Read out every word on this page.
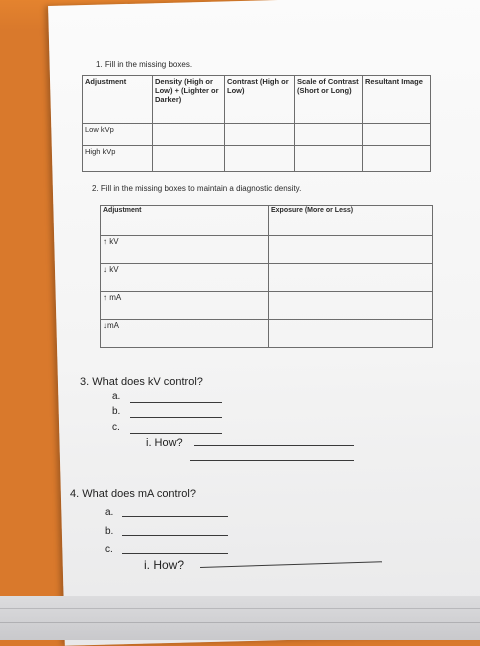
1. Fill in the missing boxes.
Adjustment	Density (High or Low) + (Lighter or Darker)	Contrast (High or Low)	Scale of Contrast (Short or Long)	Resultant Image
Low kVp				
High kVp				
2. Fill in the missing boxes to maintain a diagnostic density.
Adjustment	Exposure (More or Less)
↑ kV	
↓ kV	
↑ mA	
↓mA	
3. What does kV control?
a.
b.
c.
i. How?
4. What does mA control?
a.
b.
c.
i. How?
